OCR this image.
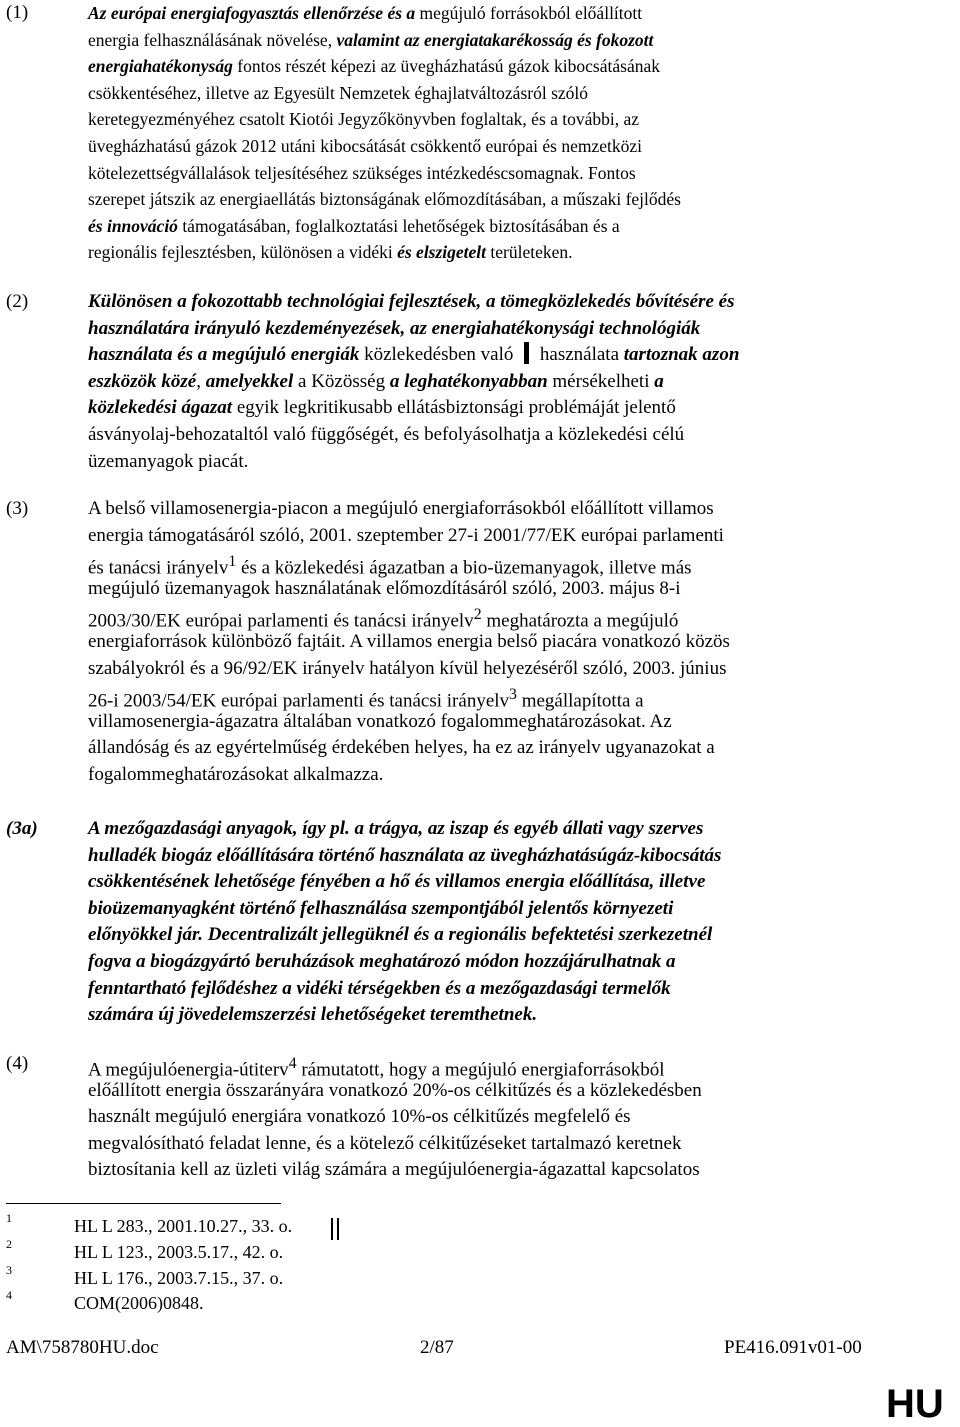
(1)	Az európai energiafogyasztás ellenőrzése és a megújuló forrásokból előállított
energia felhasználásának növelése, valamint az energiatakarékosság és fokozott
energiahatékonyság fontos részét képezi az üvegházhatású gázok kibocsátásának
csökkentéséhez, illetve az Egyesült Nemzetek éghajlatváltozásról szóló
keretegyezményéhez csatolt Kiotói Jegyzőkönyvben foglaltak, és a további, az
üvegházhatású gázok 2012 utáni kibocsátását csökkentő európai és nemzetközi
kötelezettségvállalások teljesítéséhez szükséges intézkedéscsomagnak. Fontos
szerepet játszik az energiaellátás biztonságának előmozdításában, a műszaki fejlődés
és innováció támogatásában, foglalkoztatási lehetőségek biztosításában és a
regionális fejlesztésben, különösen a vidéki és elszigetelt területeken.
(2)	Különösen a fokozottabb technológiai fejlesztések, a tömegközlekedés bővítésére és
használatára irányuló kezdeményezések, az energiahatékonysági technológiák
használata és a megújuló energiák közlekedésben való  használata tartoznak azon
eszközök közé, amelyekkel a Közösség a leghatékonyabban mérsékelheti a
közlekedési ágazat egyik legkritikusabb ellátásbiztonsági problémáját jelentő
ásványolaj-behozataltól való függőségét, és befolyásolhatja a közlekedési célú
üzemanyagok piacát.
(3)	A belső villamosenergia-piacon a megújuló energiaforrásokból előállított villamos
energia támogatásáról szóló, 2001. szeptember 27-i 2001/77/EK európai parlamenti
és tanácsi irányelv$^1$ és a közlekedési ágazatban a bio-üzemanyagok, illetve más
megújuló üzemanyagok használatának előmozdításáról szóló, 2003. május 8-i
2003/30/EK európai parlamenti és tanácsi irányelv$^2$ meghatározta a megújuló
energiaforrások különböző fajtáit. A villamos energia belső piacára vonatkozó közös
szabályokról és a 96/92/EK irányelv hatályon kívül helyezéséről szóló, 2003. június
26-i 2003/54/EK európai parlamenti és tanácsi irányelv$^3$ megállapította a
villamosenergia-ágazatra általában vonatkozó fogalommeghatározásokat. Az
állandóság és az egyértelműség érdekében helyes, ha ez az irányelv ugyanazokat a
fogalommeghatározásokat alkalmazza.
(3a)	A mezőgazdasági anyagok, így pl. a trágya, az iszap és egyéb állati vagy szerves
hulladék biogáz előállítására történő használata az üvegházhatásúgáz-kibocsátás
csökkentésének lehetősége fényében a hő és villamos energia előállítása, illetve
bioüzemanyagként történő felhasználása szempontjából jelentős környezeti
előnyökkel jár. Decentralizált jellegüknél és a regionális befektetési szerkezetnél
fogva a biogázgyártó beruházások meghatározó módon hozzájárulhatnak a
fenntartható fejlődéshez a vidéki térségekben és a mezőgazdasági termelők
számára új jövedelemszerzési lehetőségeket teremthetnek.
(4)	A megújulóenergia-útiterv$^4$ rámutatott, hogy a megújuló energiaforrásokból
előállított energia összarányára vonatkozó 20%-os célkitűzés és a közlekedésben
használt megújuló energiára vonatkozó 10%-os célkitűzés megfelelő és
megvalósítható feladat lenne, és a kötelező célkitűzéseket tartalmazó keretnek
biztosítania kell az üzleti világ számára a megújulóenergia-ágazattal kapcsolatos
1	HL L 283., 2001.10.27., 33. o.
2	HL L 123., 2003.5.17., 42. o.
3	HL L 176., 2003.7.15., 37. o.
4	COM(2006)0848.
AM\758780HU.doc	2/87	PE416.091v01-00
HU
